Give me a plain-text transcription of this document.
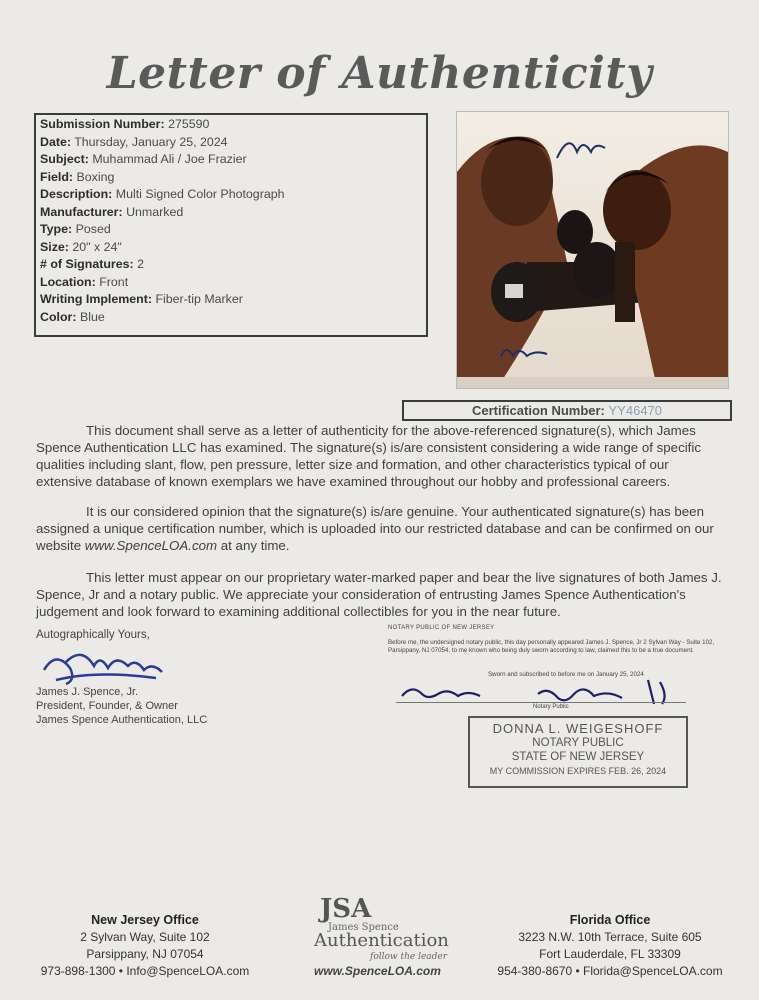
Letter of Authenticity
Submission Number: 275590
Date: Thursday, January 25, 2024
Subject: Muhammad Ali / Joe Frazier
Field: Boxing
Description: Multi Signed Color Photograph
Manufacturer: Unmarked
Type: Posed
Size: 20" x 24"
# of Signatures: 2
Location: Front
Writing Implement: Fiber-tip Marker
Color: Blue
Certification Number: YY46470
This document shall serve as a letter of authenticity for the above-referenced signature(s), which James Spence Authentication LLC has examined. The signature(s) is/are consistent considering a wide range of specific qualities including slant, flow, pen pressure, letter size and formation, and other characteristics typical of our extensive database of known exemplars we have examined throughout our hobby and professional careers.
It is our considered opinion that the signature(s) is/are genuine. Your authenticated signature(s) has been assigned a unique certification number, which is uploaded into our restricted database and can be confirmed on our website www.SpenceLOA.com at any time.
This letter must appear on our proprietary water-marked paper and bear the live signatures of both James J. Spence, Jr and a notary public. We appreciate your consideration of entrusting James Spence Authentication's judgement and look forward to examining additional collectibles for you in the near future.
Autographically Yours,
James J. Spence, Jr.
President, Founder, & Owner
James Spence Authentication, LLC
NOTARY PUBLIC OF NEW JERSEY
Before me, the undersigned notary public, this day personally appeared James J. Spence, Jr 2 Sylvan Way - Suite 102, Parsippany, NJ 07054, to me known who being duly sworn according to law, claimed this to be a true document.
Sworn and subscribed to before me on January 25, 2024
Notary Public
DONNA L. WEIGESHOFF
NOTARY PUBLIC
STATE OF NEW JERSEY
MY COMMISSION EXPIRES FEB. 26, 2024
New Jersey Office
2 Sylvan Way, Suite 102
Parsippany, NJ 07054
973-898-1300 • Info@SpenceLOA.com
JSA
James Spence
Authentication
follow the leader
www.SpenceLOA.com
Florida Office
3223 N.W. 10th Terrace, Suite 605
Fort Lauderdale, FL 33309
954-380-8670 • Florida@SpenceLOA.com
